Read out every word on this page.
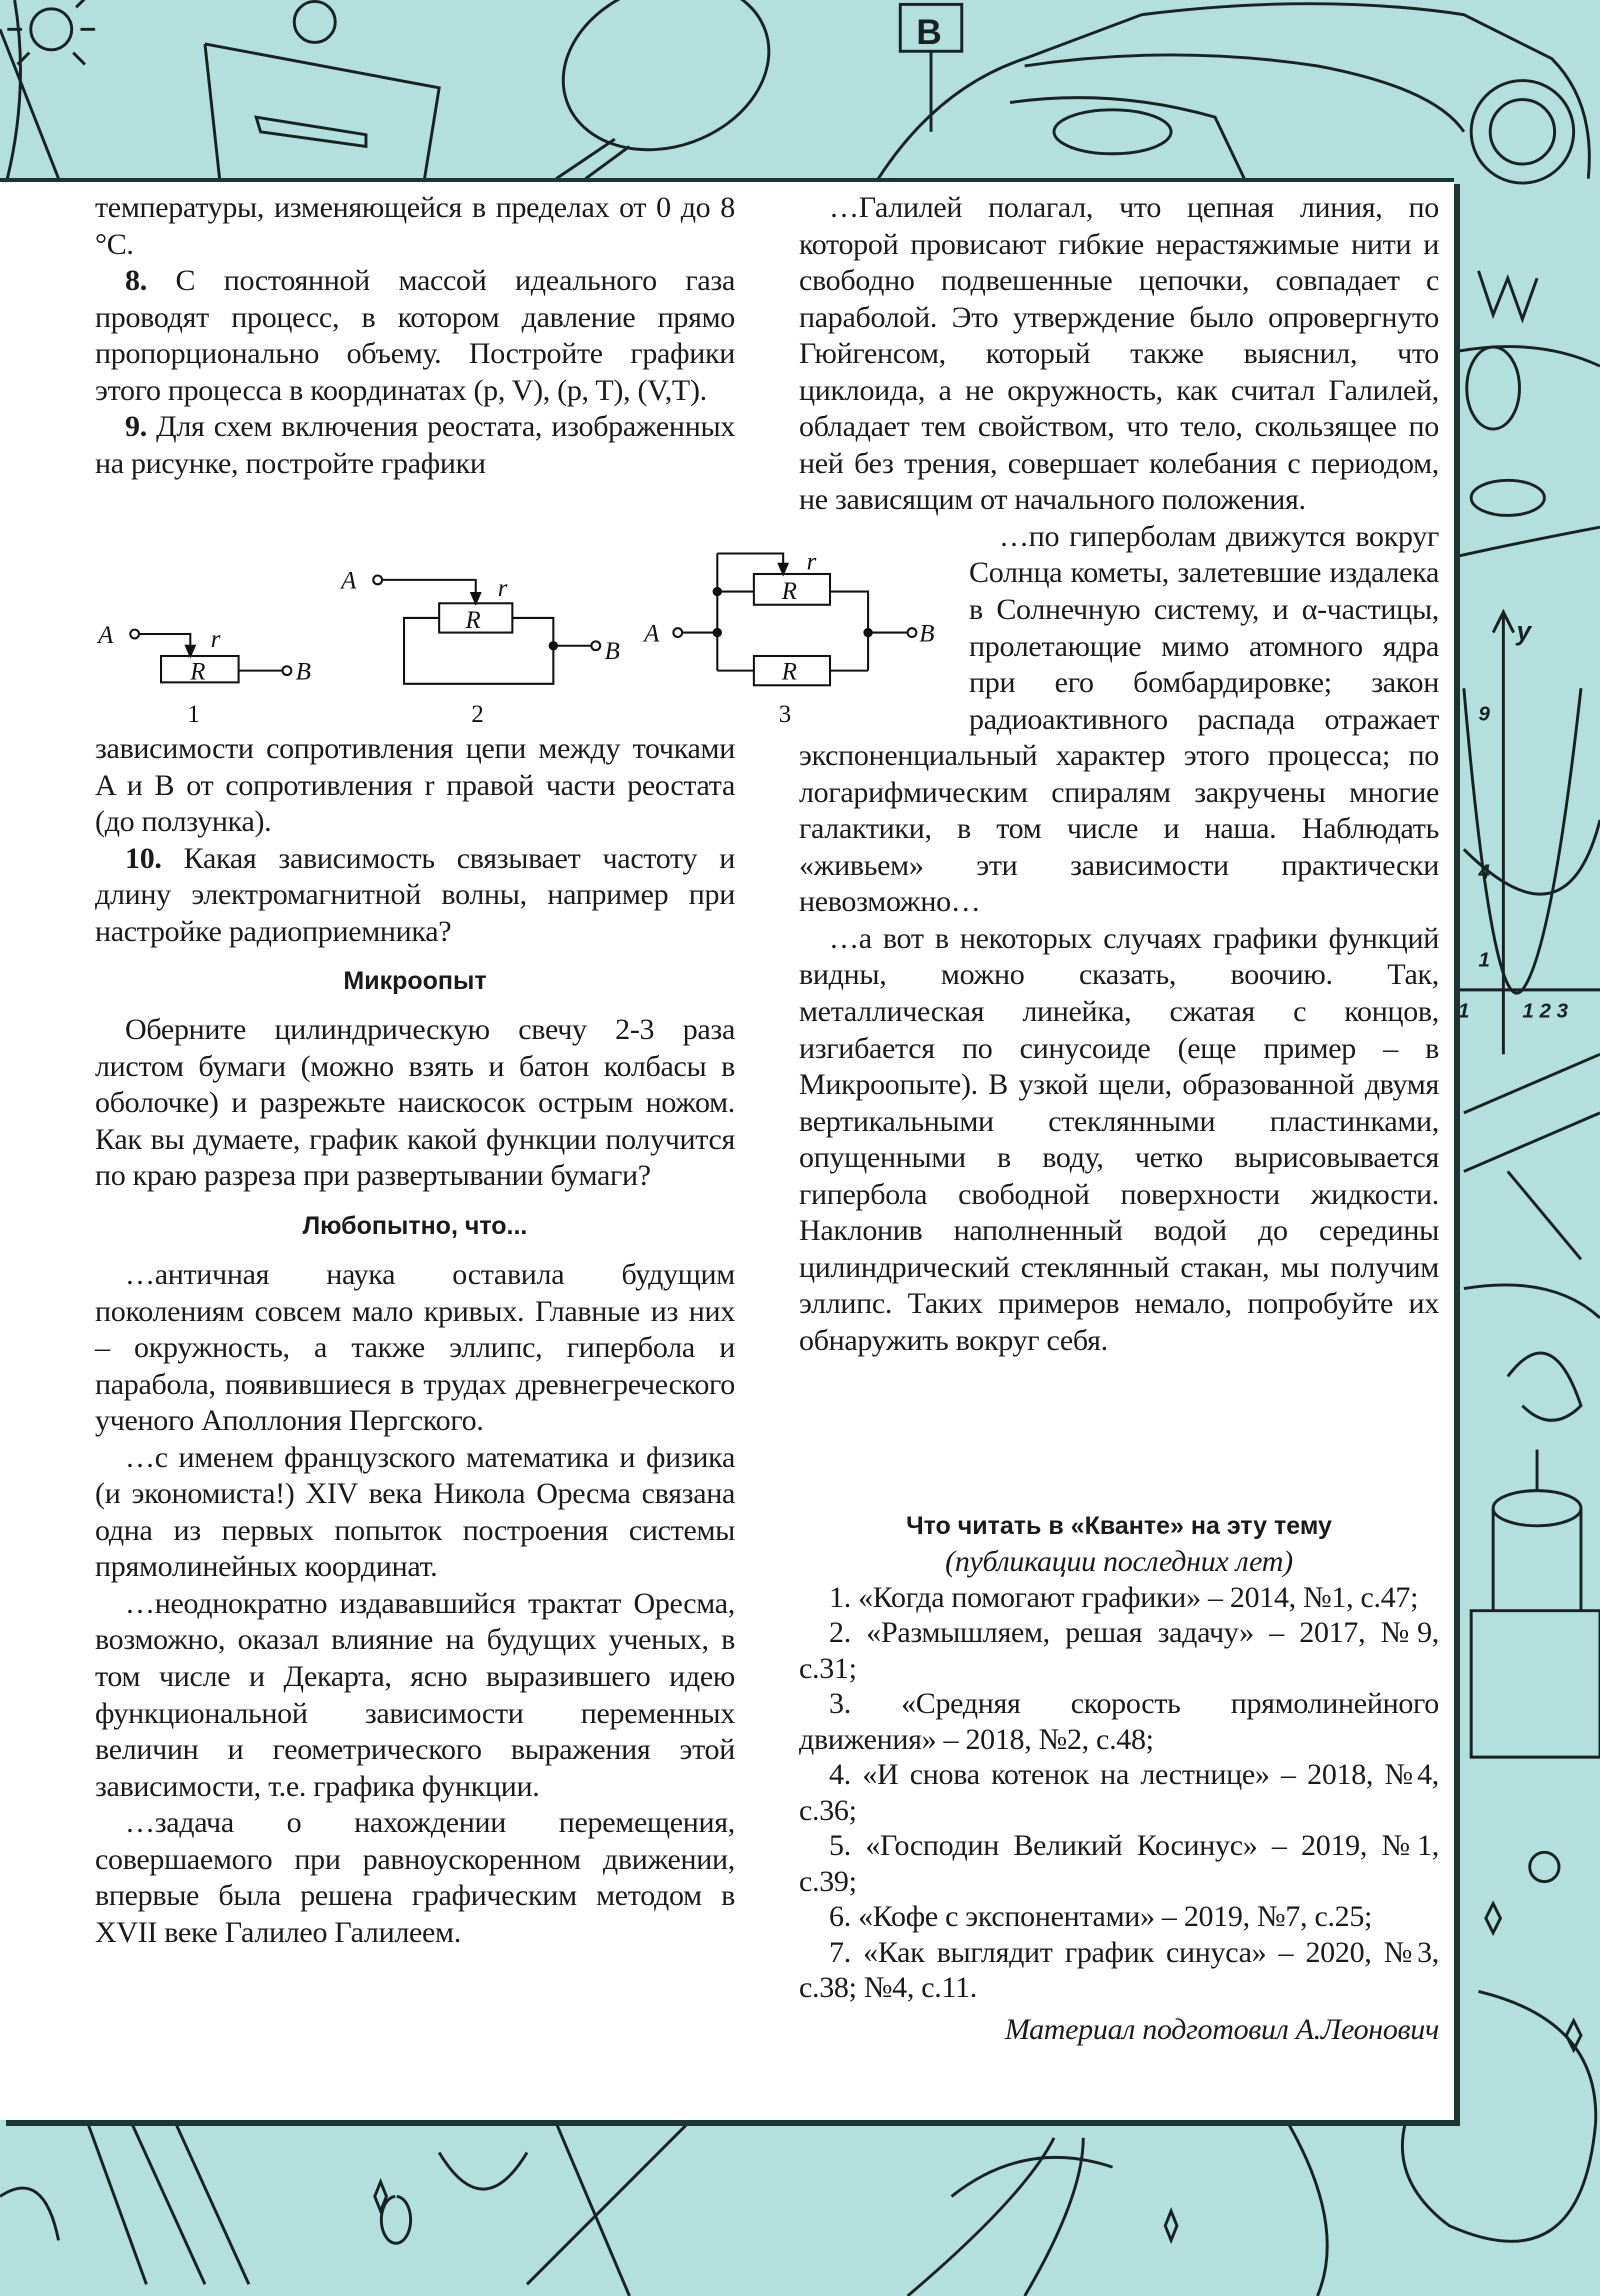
B
y
9
4
1
1	1 2 3

температуры, изменяющейся в пределах от 0 до 8 °C.

8. С постоянной массой идеального газа проводят процесс, в котором давление прямо пропорционально объему. Постройте графики этого процесса в координатах (p, V), (p, T), (V,T).

9. Для схем включения реостата, изображенных на рисунке, постройте графики

A	r
R	B
A	r
R
B
A
r
R
R
B
1	2	3

зависимости сопротивления цепи между точками A и B от сопротивления r правой части реостата (до ползунка).

10. Какая зависимость связывает частоту и длину электромагнитной волны, например при настройке радиоприемника?

Микроопыт

Оберните цилиндрическую свечу 2-3 раза листом бумаги (можно взять и батон колбасы в оболочке) и разрежьте наискосок острым ножом. Как вы думаете, график какой функции получится по краю разреза при развертывании бумаги?

Любопытно, что...

…античная наука оставила будущим поколениям совсем мало кривых. Главные из них – окружность, а также эллипс, гипербола и парабола, появившиеся в трудах древнегреческого ученого Аполлония Пергского.

…с именем французского математика и физика (и экономиста!) XIV века Никола Оресма связана одна из первых попыток построения системы прямолинейных координат.

…неоднократно издававшийся трактат Оресма, возможно, оказал влияние на будущих ученых, в том числе и Декарта, ясно выразившего идею функциональной зависимости переменных величин и геометрического выражения этой зависимости, т.е. графика функции.

…задача о нахождении перемещения, совершаемого при равноускоренном движении, впервые была решена графическим методом в XVII веке Галилео Галилеем.

…Галилей полагал, что цепная линия, по которой провисают гибкие нерастяжимые нити и свободно подвешенные цепочки, совпадает с параболой. Это утверждение было опровергнуто Гюйгенсом, который также выяснил, что циклоида, а не окружность, как считал Галилей, обладает тем свойством, что тело, скользящее по ней без трения, совершает колебания с периодом, не зависящим от начального положения.

…по гиперболам движутся вокруг Солнца кометы, залетевшие издалека в Солнечную систему, и α-частицы, пролетающие мимо атомного ядра при его бомбардировке; закон радиоактивного распада отражает экспоненциальный характер этого процесса; по логарифмическим спиралям закручены многие галактики, в том числе и наша. Наблюдать «живьем» эти зависимости практически невозможно…

…а вот в некоторых случаях графики функций видны, можно сказать, воочию. Так, металлическая линейка, сжатая с концов, изгибается по синусоиде (еще пример – в Микроопыте). В узкой щели, образованной двумя вертикальными стеклянными пластинками, опущенными в воду, четко вырисовывается гипербола свободной поверхности жидкости. Наклонив наполненный водой до середины цилиндрический стеклянный стакан, мы получим эллипс. Таких примеров немало, попробуйте их обнаружить вокруг себя.

Что читать в «Кванте» на эту тему
(публикации последних лет)

1. «Когда помогают графики» – 2014, №1, с.47;

2. «Размышляем, решая задачу» – 2017, №9, с.31;

3. «Средняя скорость прямолинейного движения» – 2018, №2, с.48;

4. «И снова котенок на лестнице» – 2018, №4, с.36;

5. «Господин Великий Косинус» – 2019, №1, с.39;

6. «Кофе с экспонентами» – 2019, №7, с.25;

7. «Как выглядит график синуса» – 2020, №3, с.38; №4, с.11.

Материал подготовил А.Леонович
